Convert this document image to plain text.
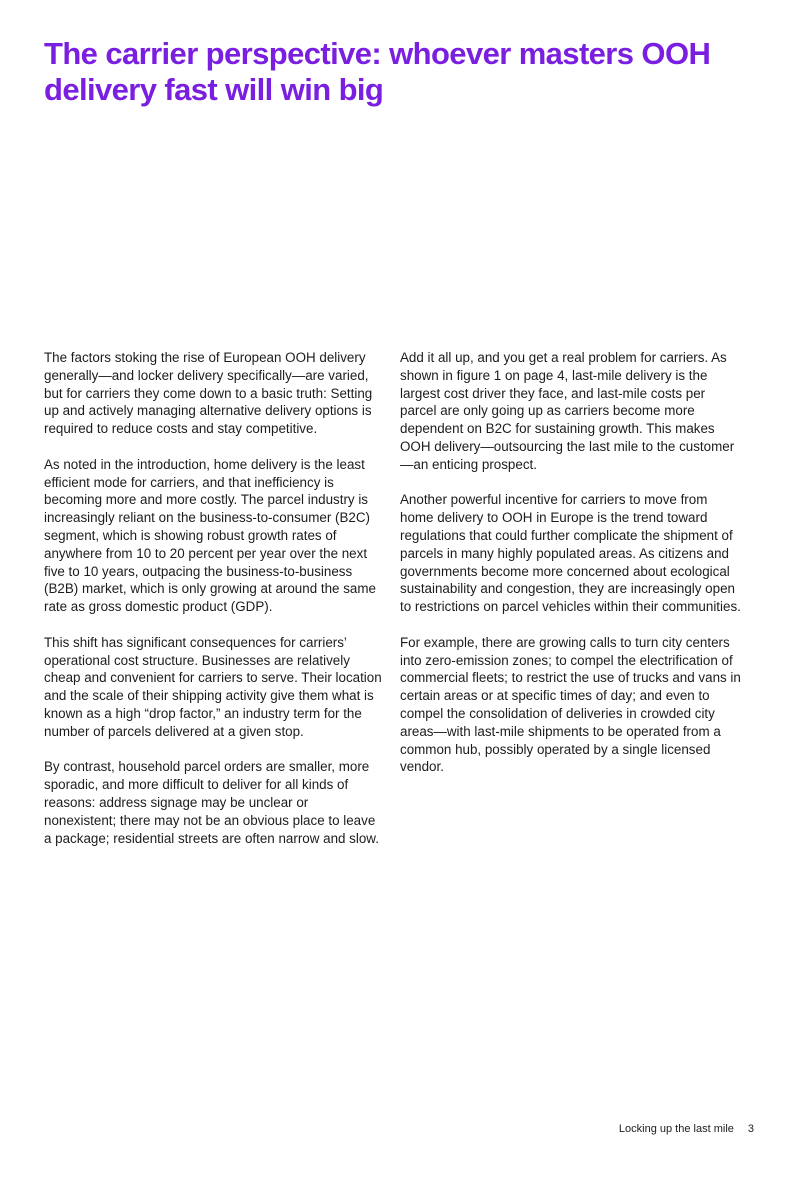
The carrier perspective: whoever masters OOH delivery fast will win big

The factors stoking the rise of European OOH delivery generally—and locker delivery specifically—are varied, but for carriers they come down to a basic truth: Setting up and actively managing alternative delivery options is required to reduce costs and stay competitive.

As noted in the introduction, home delivery is the least efficient mode for carriers, and that inefficiency is becoming more and more costly. The parcel industry is increasingly reliant on the business-to-consumer (B2C) segment, which is showing robust growth rates of anywhere from 10 to 20 percent per year over the next five to 10 years, outpacing the business-to-business (B2B) market, which is only growing at around the same rate as gross domestic product (GDP).

This shift has significant consequences for carriers’ operational cost structure. Businesses are relatively cheap and convenient for carriers to serve. Their location and the scale of their shipping activity give them what is known as a high “drop factor,” an industry term for the number of parcels delivered at a given stop.

By contrast, household parcel orders are smaller, more sporadic, and more difficult to deliver for all kinds of reasons: address signage may be unclear or nonexistent; there may not be an obvious place to leave a package; residential streets are often narrow and slow.

Add it all up, and you get a real problem for carriers. As shown in figure 1 on page 4, last-mile delivery is the largest cost driver they face, and last-mile costs per parcel are only going up as carriers become more dependent on B2C for sustaining growth. This makes OOH delivery—outsourcing the last mile to the customer—an enticing prospect.

Another powerful incentive for carriers to move from home delivery to OOH in Europe is the trend toward regulations that could further complicate the shipment of parcels in many highly populated areas. As citizens and governments become more concerned about ecological sustainability and congestion, they are increasingly open to restrictions on parcel vehicles within their communities.

For example, there are growing calls to turn city centers into zero-emission zones; to compel the electrification of commercial fleets; to restrict the use of trucks and vans in certain areas or at specific times of day; and even to compel the consolidation of deliveries in crowded city areas—with last-mile shipments to be operated from a common hub, possibly operated by a single licensed vendor.

Locking up the last mile 3
